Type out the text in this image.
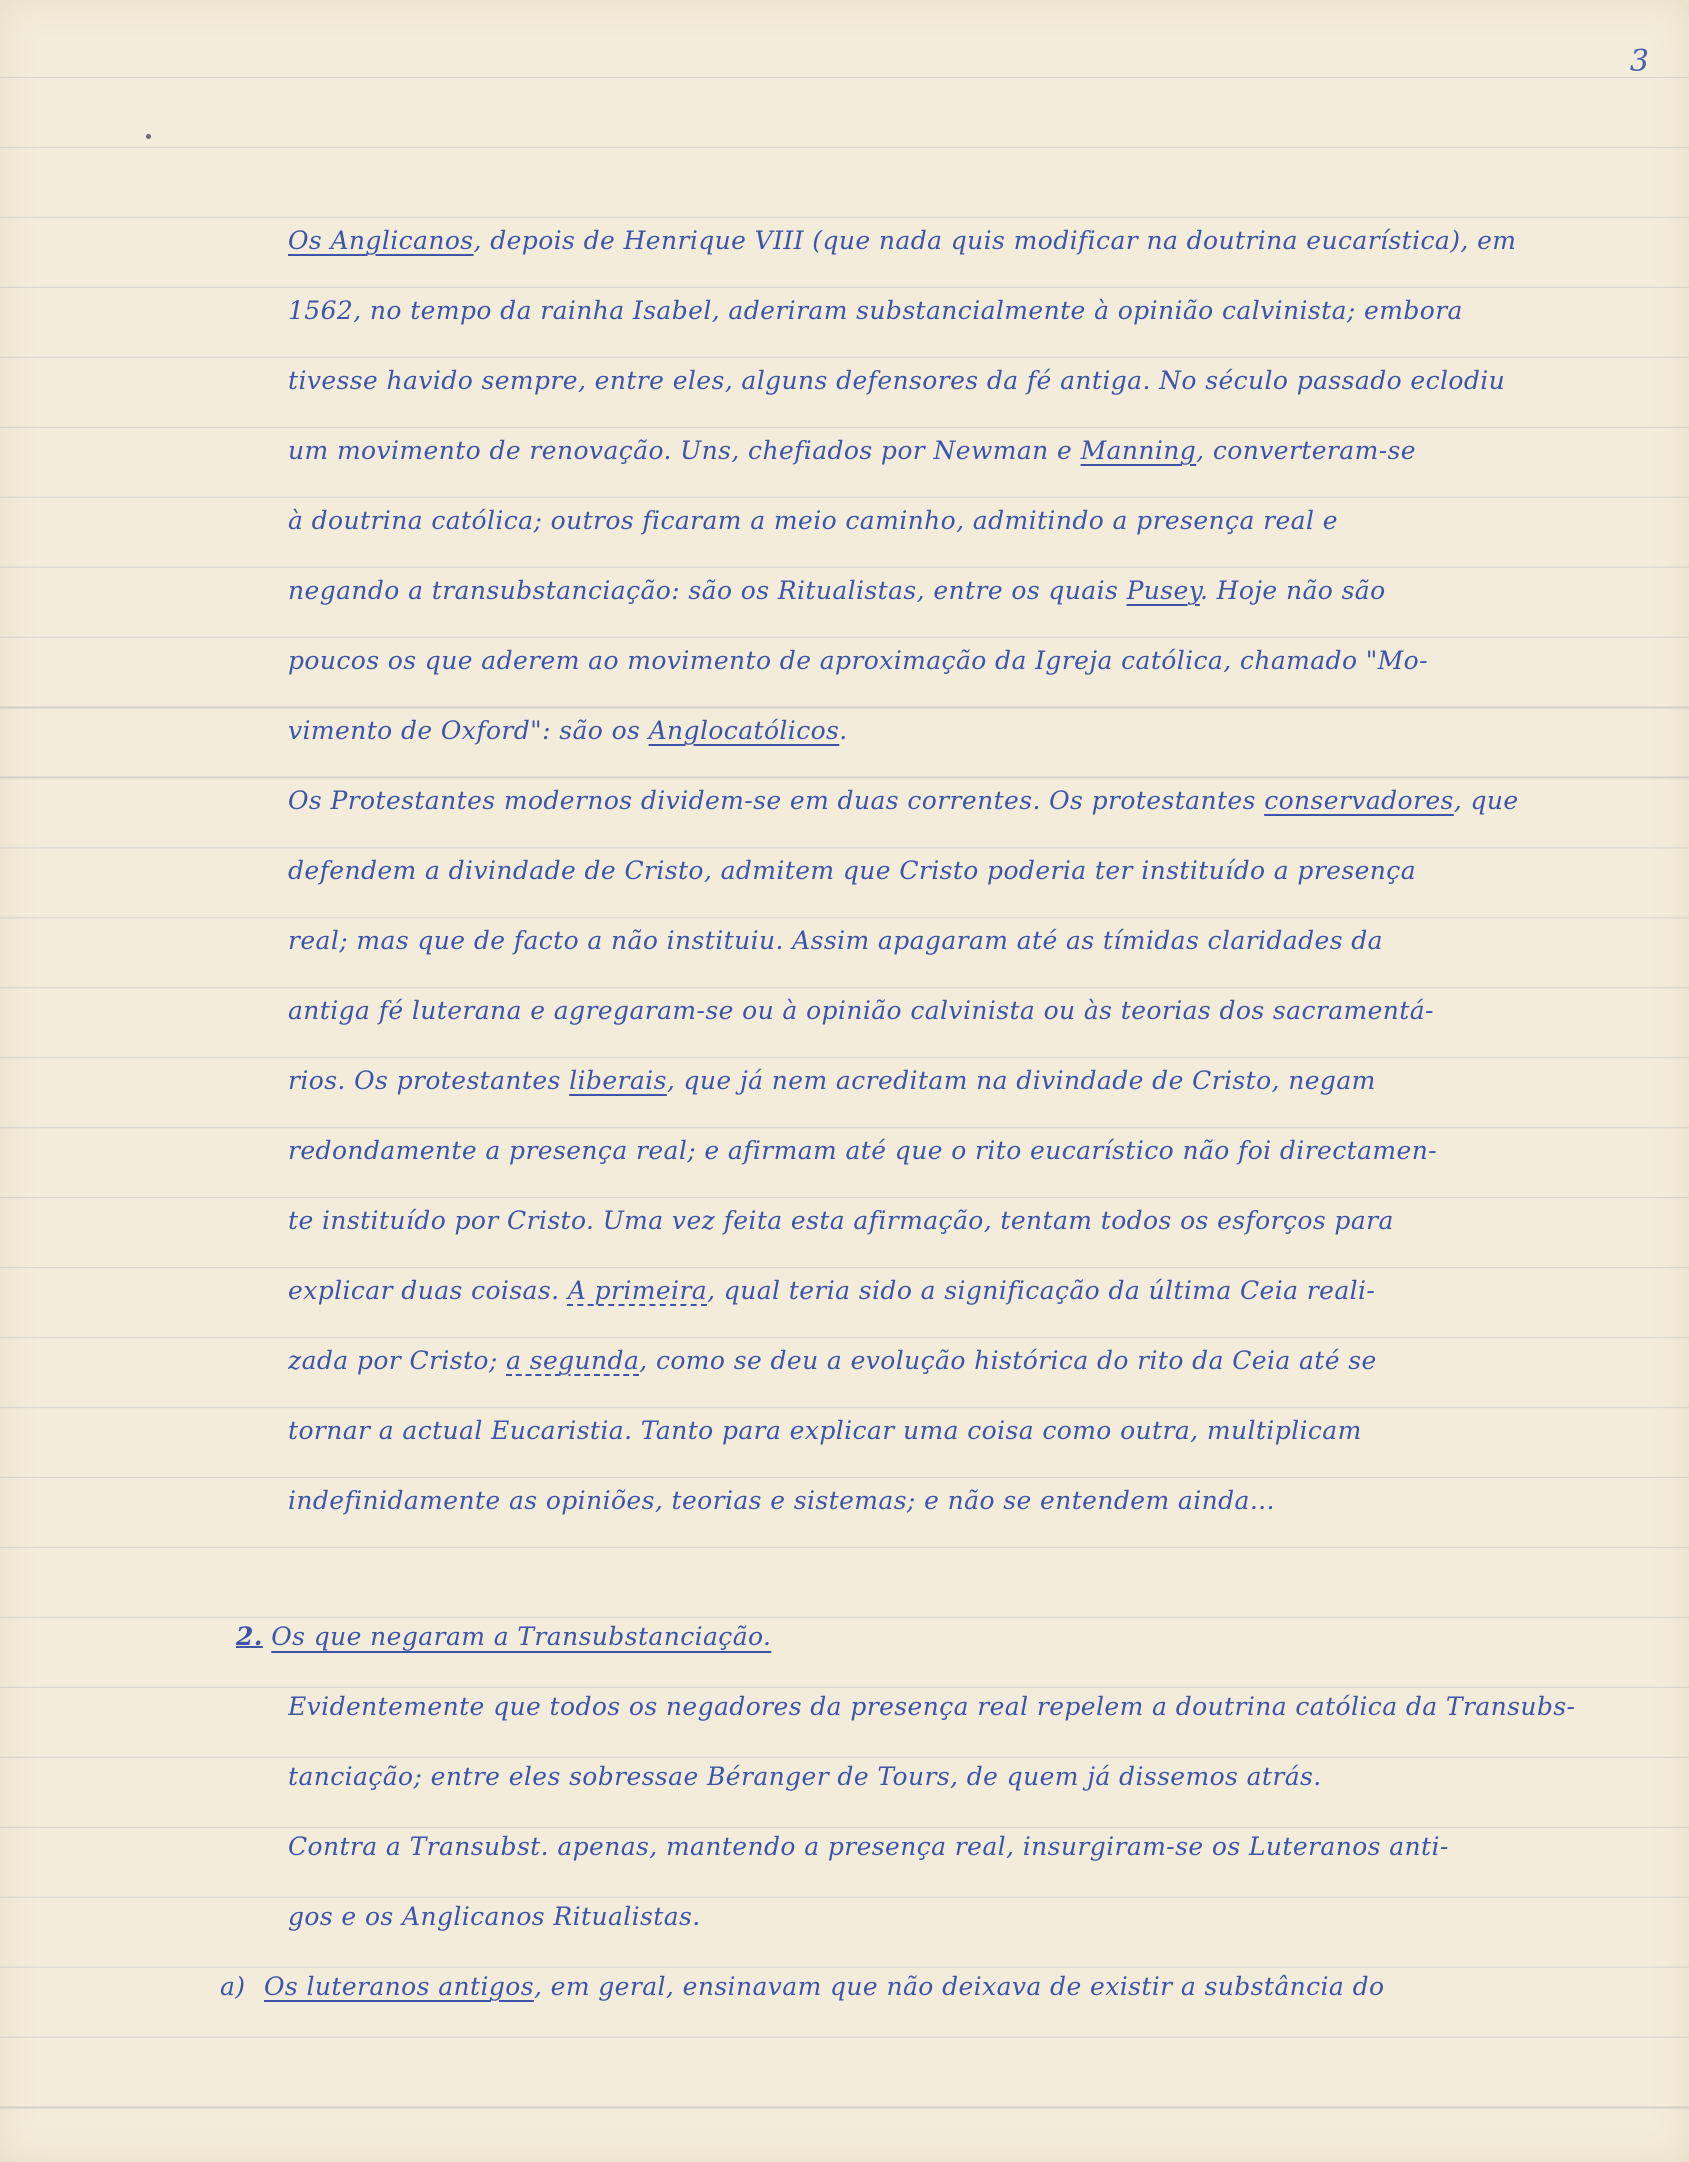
3
Os Anglicanos, depois de Henrique VIII (que nada quis modificar na doutrina eucarística), em
1562, no tempo da rainha Isabel, aderiram substancialmente à opinião calvinista; embora
tivesse havido sempre, entre eles, alguns defensores da fé antiga. No século passado eclodiu
um movimento de renovação. Uns, chefiados por Newman e Manning, converteram-se
à doutrina católica; outros ficaram a meio caminho, admitindo a presença real e
negando a transubstanciação: são os Ritualistas, entre os quais Pusey. Hoje não são
poucos os que aderem ao movimento de aproximação da Igreja católica, chamado "Mo-
vimento de Oxford": são os Anglocatólicos.
Os Protestantes modernos dividem-se em duas correntes. Os protestantes conservadores, que
defendem a divindade de Cristo, admitem que Cristo poderia ter instituído a presença
real; mas que de facto a não instituiu. Assim apagaram até as tímidas claridades da
antiga fé luterana e agregaram-se ou à opinião calvinista ou às teorias dos sacramentá-
rios. Os protestantes liberais, que já nem acreditam na divindade de Cristo, negam
redondamente a presença real; e afirmam até que o rito eucarístico não foi directamen-
te instituído por Cristo. Uma vez feita esta afirmação, tentam todos os esforços para
explicar duas coisas. A primeira, qual teria sido a significação da última Ceia reali-
zada por Cristo; a segunda, como se deu a evolução histórica do rito da Ceia até se
tornar a actual Eucaristia. Tanto para explicar uma coisa como outra, multiplicam
indefinidamente as opiniões, teorias e sistemas; e não se entendem ainda...
2. Os que negaram a Transubstanciação.
Evidentemente que todos os negadores da presença real repelem a doutrina católica da Transubs-
tanciação; entre eles sobressae Béranger de Tours, de quem já dissemos atrás.
Contra a Transubst. apenas, mantendo a presença real, insurgiram-se os Luteranos anti-
gos e os Anglicanos Ritualistas.
a) Os luteranos antigos, em geral, ensinavam que não deixava de existir a substância do
